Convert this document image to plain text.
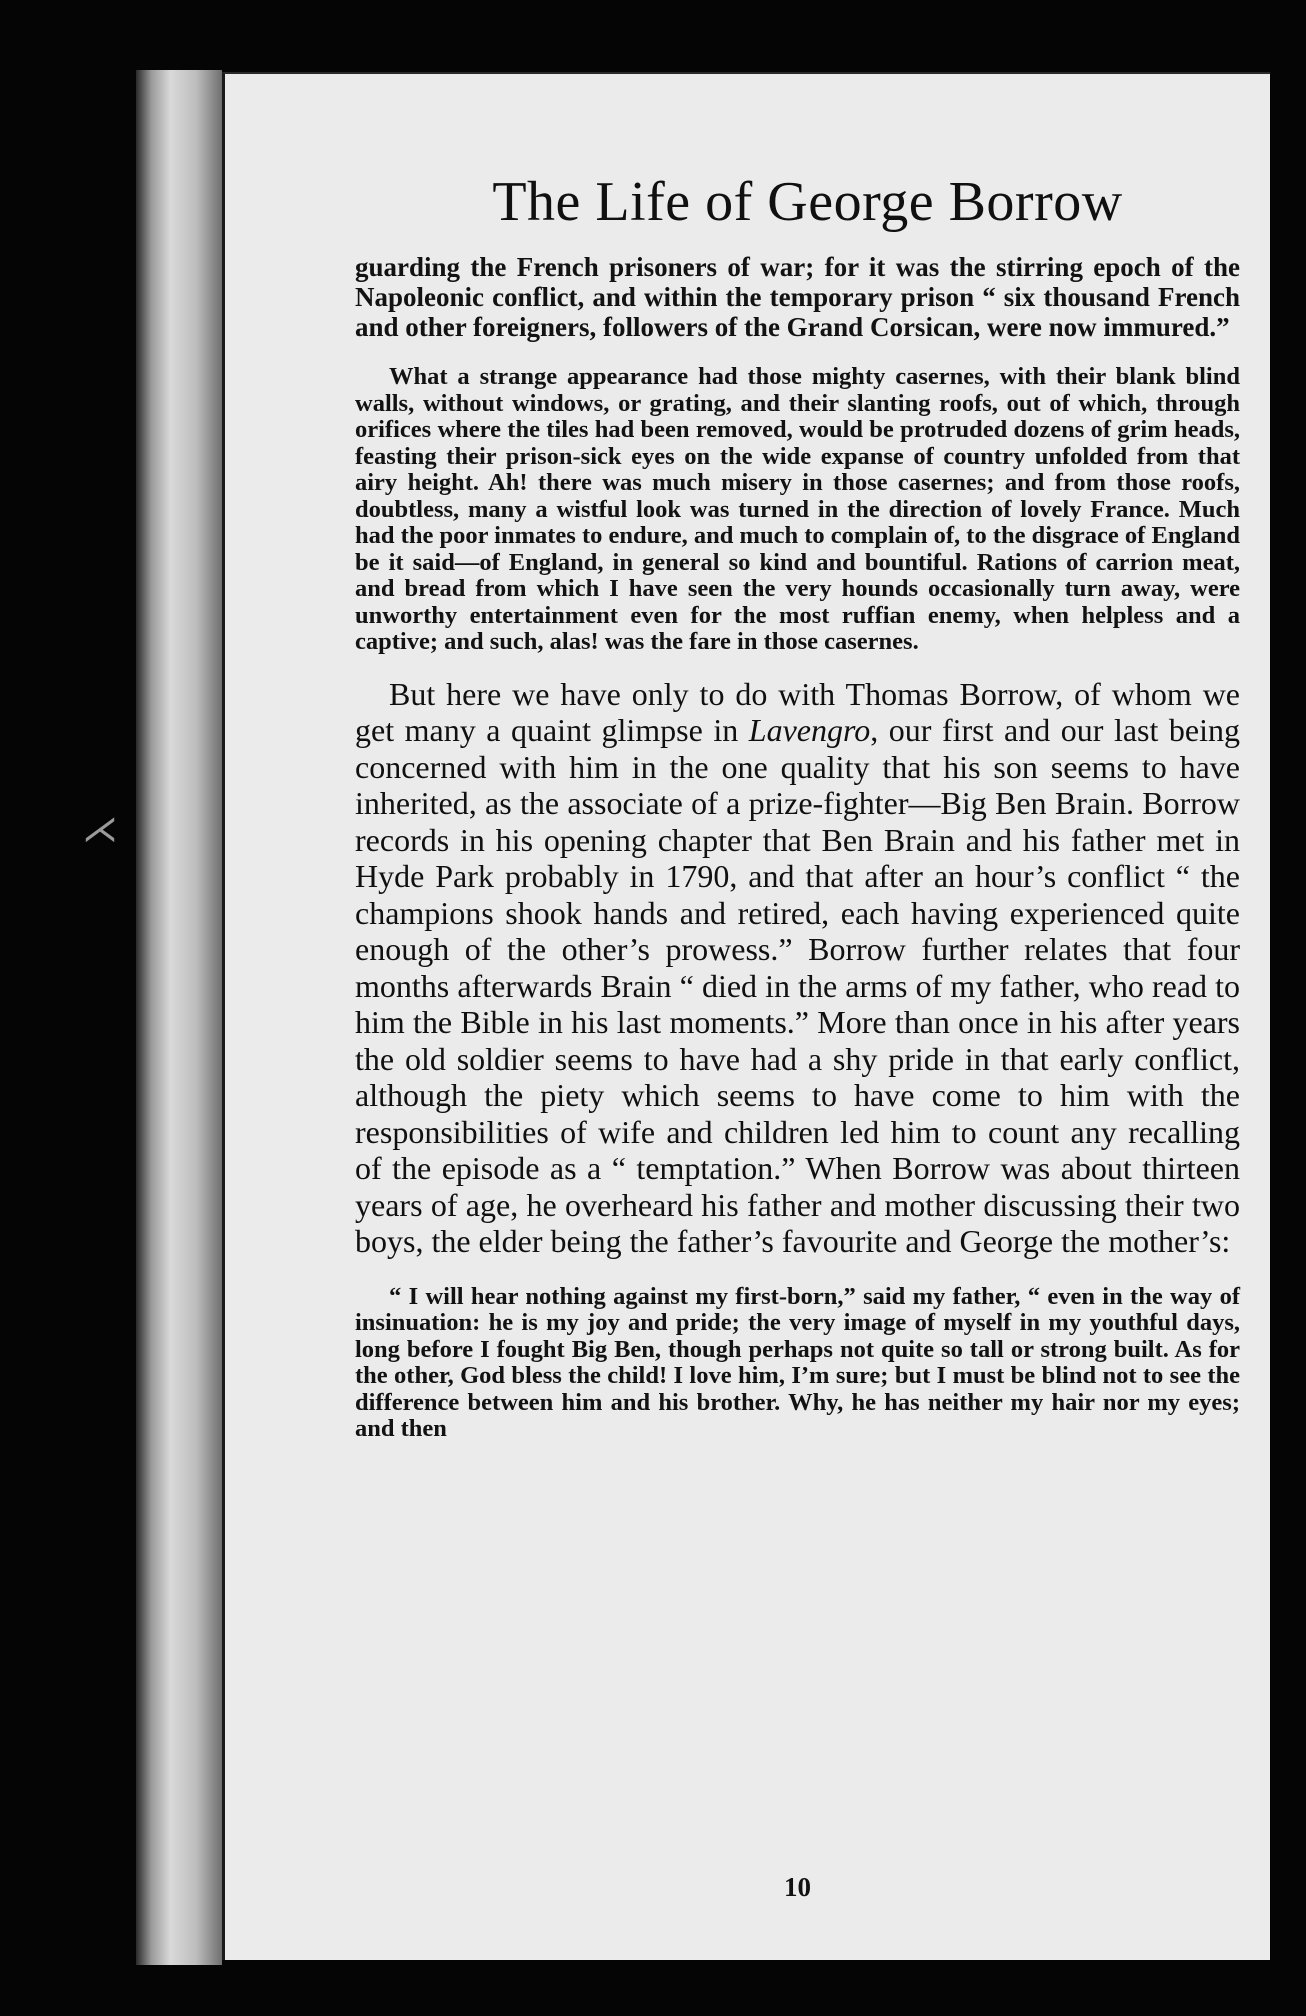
⋌
The Life of George Borrow

guarding the French prisoners of war; for it was the stirring epoch of the Napoleonic conflict, and within the temporary prison “ six thousand French and other foreigners, followers of the Grand Corsican, were now immured.”

What a strange appearance had those mighty casernes, with their blank blind walls, without windows, or grating, and their slanting roofs, out of which, through orifices where the tiles had been removed, would be protruded dozens of grim heads, feasting their prison-sick eyes on the wide expanse of country unfolded from that airy height. Ah! there was much misery in those casernes; and from those roofs, doubtless, many a wistful look was turned in the direction of lovely France. Much had the poor inmates to endure, and much to complain of, to the disgrace of England be it said—of England, in general so kind and bountiful. Rations of carrion meat, and bread from which I have seen the very hounds occasionally turn away, were unworthy entertainment even for the most ruffian enemy, when helpless and a captive; and such, alas! was the fare in those casernes.

But here we have only to do with Thomas Borrow, of whom we get many a quaint glimpse in Lavengro, our first and our last being concerned with him in the one quality that his son seems to have inherited, as the associate of a prize-fighter—Big Ben Brain. Borrow records in his opening chapter that Ben Brain and his father met in Hyde Park probably in 1790, and that after an hour’s conflict “ the champions shook hands and retired, each having experienced quite enough of the other’s prowess.” Borrow further relates that four months afterwards Brain “ died in the arms of my father, who read to him the Bible in his last moments.” More than once in his after years the old soldier seems to have had a shy pride in that early conflict, although the piety which seems to have come to him with the responsibilities of wife and children led him to count any recalling of the episode as a “ temptation.” When Borrow was about thirteen years of age, he overheard his father and mother discussing their two boys, the elder being the father’s favourite and George the mother’s:

“ I will hear nothing against my first-born,” said my father, “ even in the way of insinuation: he is my joy and pride; the very image of myself in my youthful days, long before I fought Big Ben, though perhaps not quite so tall or strong built. As for the other, God bless the child! I love him, I’m sure; but I must be blind not to see the difference between him and his brother. Why, he has neither my hair nor my eyes; and then

10
